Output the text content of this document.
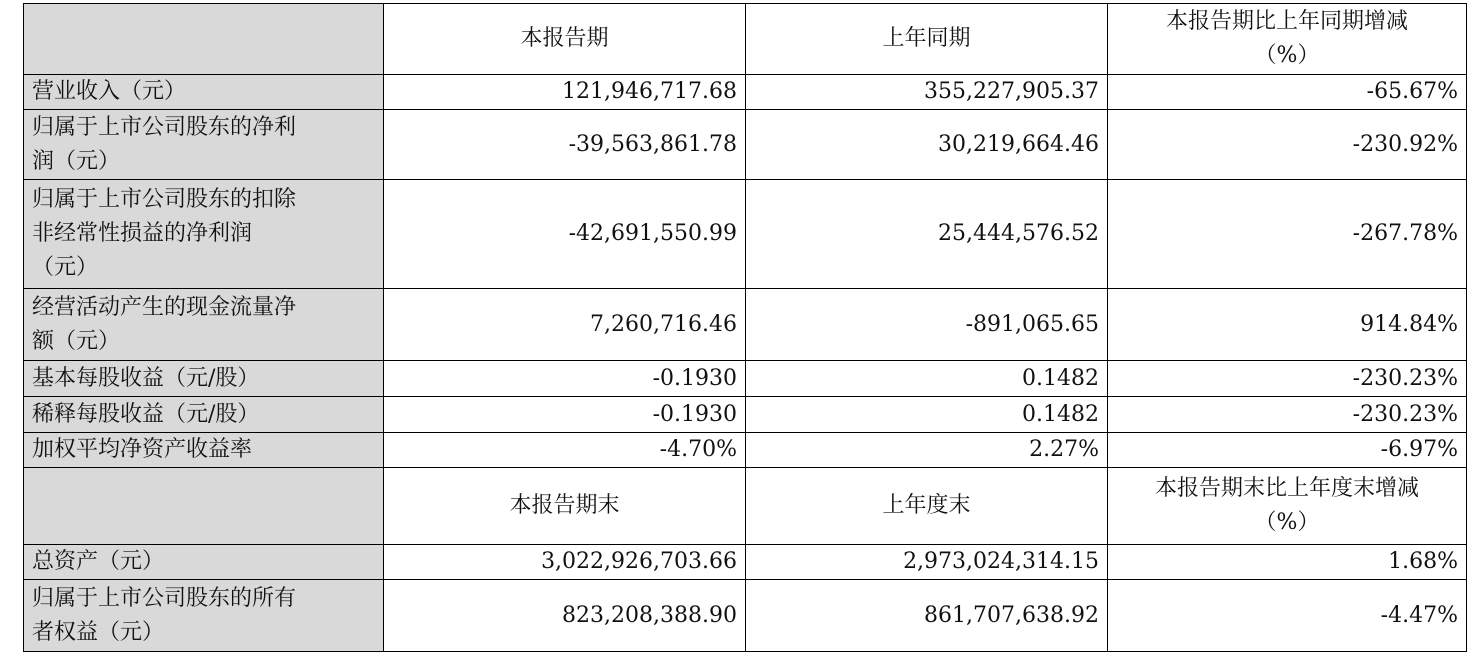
	本报告期	上年同期	本报告期比上年同期增减
（%）

营业收入（元）	121,946,717.68	355,227,905.37	-65.67%

归属于上市公司股东的净利
润（元）	-39,563,861.78	30,219,664.46	-230.92%

归属于上市公司股东的扣除
非经常性损益的净利润
（元）	-42,691,550.99	25,444,576.52	-267.78%

经营活动产生的现金流量净
额（元）	7,260,716.46	-891,065.65	914.84%
基本每股收益（元/股）	-0.1930	0.1482	-230.23%
稀释每股收益（元/股）	-0.1930	0.1482	-230.23%
加权平均净资产收益率	-4.70%	2.27%	-6.97%
	本报告期末	上年度末	本报告期末比上年度末增减
（%）

总资产（元）	3,022,926,703.66	2,973,024,314.15	1.68%

归属于上市公司股东的所有
者权益（元）	823,208,388.90	861,707,638.92	-4.47%
